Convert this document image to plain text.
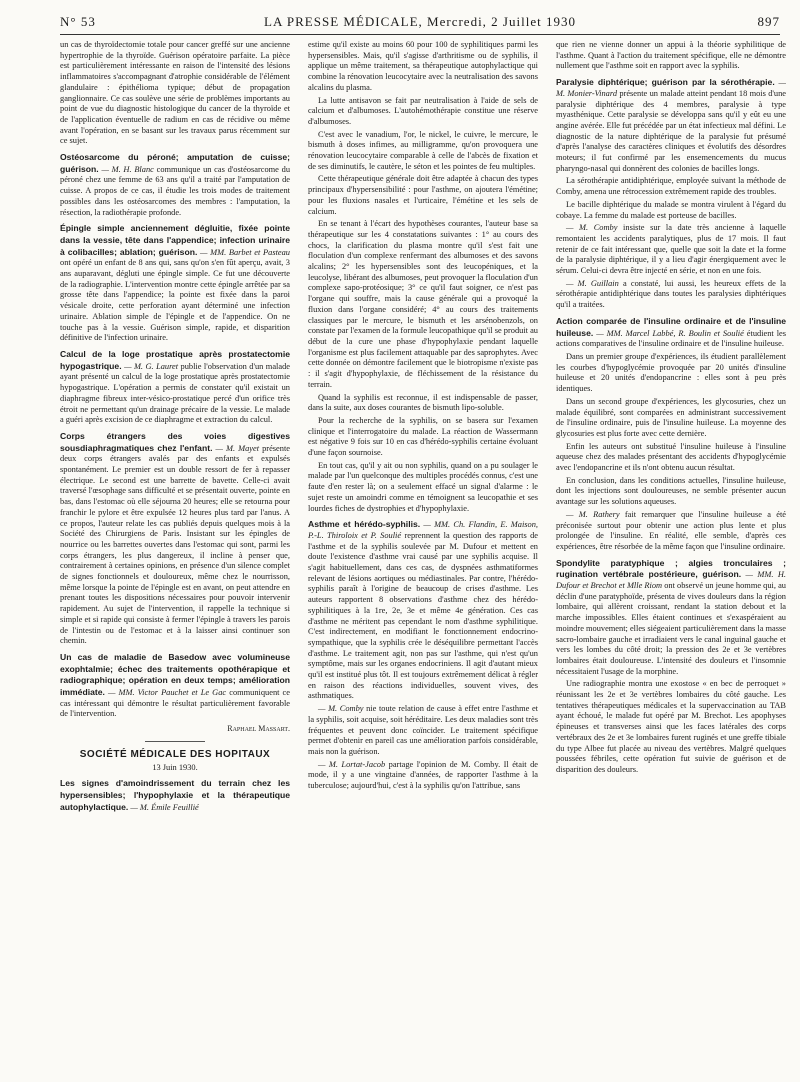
N° 53	LA PRESSE MÉDICALE, Mercredi, 2 Juillet 1930	897

un cas de thyroïdectomie totale pour cancer greffé sur une ancienne hypertrophie de la thyroïde. Guérison opératoire parfaite. La pièce est particulièrement intéressante en raison de l'intensité des lésions inflammatoires s'accompagnant d'atrophie considérable de l'élément glandulaire : épithélioma typique; début de propagation ganglionnaire. Ce cas soulève une série de problèmes importants au point de vue du diagnostic histologique du cancer de la thyroïde et de l'application éventuelle de radium en cas de récidive ou même avant l'opération, en se basant sur les travaux parus récemment sur ce sujet.

Ostéosarcome du péroné; amputation de cuisse; guérison. — M. H. Blanc communique un cas d'ostéosarcome du péroné chez une femme de 63 ans qu'il a traité par l'amputation de cuisse. A propos de ce cas, il étudie les trois modes de traitement possibles dans les ostéosarcomes des membres : l'amputation, la résection, la radiothérapie profonde.

Épingle simple anciennement dégluitie, fixée pointe dans la vessie, tête dans l'appendice; infection urinaire à colibacilles; ablation; guérison. — MM. Barbet et Pasteau ont opéré un enfant de 8 ans qui, sans qu'on s'en fût aperçu, avait, 3 ans auparavant, dégluti une épingle simple. Ce fut une découverte de la radiographie. L'intervention montre cette épingle arrêtée par sa grosse tête dans l'appendice; la pointe est fixée dans la paroi vésicale droite, cette perforation ayant déterminé une infection urinaire. Ablation simple de l'épingle et de l'appendice. On ne touche pas à la vessie. Guérison simple, rapide, et disparition définitive de l'infection urinaire.

Calcul de la loge prostatique après prostatectomie hypogastrique. — M. G. Lauret publie l'observation d'un malade ayant présenté un calcul de la loge prostatique après prostatectomie hypogastrique. L'opération a permis de constater qu'il existait un diaphragme fibreux inter-vésico-prostatique percé d'un orifice très étroit ne permettant qu'un drainage précaire de la vessie. Le malade a guéri après excision de ce diaphragme et extraction du calcul.

Corps étrangers des voies digestives sousdiaphragmatiques chez l'enfant. — M. Mayet présente deux corps étrangers avalés par des enfants et expulsés spontanément. Le premier est un double ressort de fer à repasser électrique. Le second est une barrette de bavette. Celle-ci avait traversé l'œsophage sans difficulté et se présentait ouverte, pointe en bas, dans l'estomac où elle séjourna 20 heures; elle se retourna pour franchir le pylore et être expulsée 12 heures plus tard par l'anus. A ce propos, l'auteur relate les cas publiés depuis quelques mois à la Société des Chirurgiens de Paris. Insistant sur les épingles de nourrice ou les barrettes ouvertes dans l'estomac qui sont, parmi les corps étrangers, les plus dangereux, il incline à penser que, contrairement à certaines opinions, en présence d'un silence complet de signes fonctionnels et douloureux, même chez le nourrisson, même lorsque la pointe de l'épingle est en avant, on peut attendre en prenant toutes les dispositions nécessaires pour pouvoir intervenir rapidement. Au sujet de l'intervention, il rappelle la technique si simple et si rapide qui consiste à fermer l'épingle à travers les parois de l'intestin ou de l'estomac et à la laisser ainsi continuer son chemin.

Un cas de maladie de Basedow avec volumineuse exophtalmie; échec des traitements opothérapique et radiographique; opération en deux temps; amélioration immédiate. — MM. Victor Pauchet et Le Gac communiquent ce cas intéressant qui démontre le résultat particulièrement favorable de l'intervention.

Raphael Massart.
SOCIÉTÉ MÉDICALE DES HOPITAUX
13 Juin 1930.

Les signes d'amoindrissement du terrain chez les hypersensibles; l'hypophylaxie et la thérapeutique autophylactique. — M. Émile Feuillié

estime qu'il existe au moins 60 pour 100 de syphilitiques parmi les hypersensibles. Mais, qu'il s'agisse d'arthritisme ou de syphilis, il applique un même traitement, sa thérapeutique autophylactique qui combine la rénovation leucocytaire avec la neutralisation des savons alcalins du plasma.

La lutte antisavon se fait par neutralisation à l'aide de sels de calcium et d'albumoses. L'autohémothérapie constitue une réserve d'albumoses.

C'est avec le vanadium, l'or, le nickel, le cuivre, le mercure, le bismuth à doses infimes, au milligramme, qu'on provoquera une rénovation leucocytaire comparable à celle de l'abcès de fixation et de ses diminutifs, le cautère, le séton et les pointes de feu multiples.

Cette thérapeutique générale doit être adaptée à chacun des types principaux d'hypersensibilité : pour l'asthme, on ajoutera l'émétine; pour les fluxions nasales et l'urticaire, l'émétine et les sels de calcium.

En se tenant à l'écart des hypothèses courantes, l'auteur base sa thérapeutique sur les 4 constatations suivantes : 1° au cours des chocs, la clarification du plasma montre qu'il s'est fait une floculation d'un complexe renfermant des albumoses et des savons alcalins; 2° les hypersensibles sont des leucopéniques, et la leucolyse, libérant des albumoses, peut provoquer la floculation d'un complexe sapo-protéosique; 3° ce qu'il faut soigner, ce n'est pas l'organe qui souffre, mais la cause générale qui a provoqué la fluxion dans l'organe considéré; 4° au cours des traitements classiques par le mercure, le bismuth et les arsénobenzols, on constate par l'examen de la formule leucopathique qu'il se produit au début de la cure une phase d'hypophylaxie pendant laquelle l'organisme est plus facilement attaquable par des saprophytes. Avec cette donnée on démontre facilement que le biotropisme n'existe pas : il s'agit d'hypophylaxie, de fléchissement de la résistance du terrain.

Quand la syphilis est reconnue, il est indispensable de passer, dans la suite, aux doses courantes de bismuth lipo-soluble.

Pour la recherche de la syphilis, on se basera sur l'examen clinique et l'interrogatoire du malade. La réaction de Wassermann est négative 9 fois sur 10 en cas d'hérédo-syphilis certaine évoluant d'une façon sournoise.

En tout cas, qu'il y ait ou non syphilis, quand on a pu soulager le malade par l'un quelconque des multiples procédés connus, c'est une faute d'en rester là; on a seulement effacé un signal d'alarme : le sujet reste un amoindri comme en témoignent sa leucopathie et ses lourdes fiches de dystrophies et d'hypophylaxie.

Asthme et hérédo-syphilis. — MM. Ch. Flandin, E. Maison, P.-L. Thiroloix et P. Soulié reprennent la question des rapports de l'asthme et de la syphilis soulevée par M. Dufour et mettent en doute l'existence d'asthme vrai causé par une syphilis acquise. Il s'agit habituellement, dans ces cas, de dyspnées asthmatiformes relevant de lésions aortiques ou médiastinales. Par contre, l'hérédo-syphilis paraît à l'origine de beaucoup de crises d'asthme. Les auteurs rapportent 8 observations d'asthme chez des hérédo-syphilitiques à la 1re, 2e, 3e et même 4e génération. Ces cas d'asthme ne méritent pas cependant le nom d'asthme syphilitique. C'est indirectement, en modifiant le fonctionnement endocrino-sympathique, que la syphilis crée le déséquilibre permettant l'accès d'asthme. Le traitement agit, non pas sur l'asthme, qui n'est qu'un symptôme, mais sur les organes endocriniens. Il agit d'autant mieux qu'il est institué plus tôt. Il est toujours extrêmement délicat à régler en raison des réactions individuelles, souvent vives, des asthmatiques.

— M. Comby nie toute relation de cause à effet entre l'asthme et la syphilis, soit acquise, soit héréditaire. Les deux maladies sont très fréquentes et peuvent donc coïncider. Le traitement spécifique permet d'obtenir en pareil cas une amélioration parfois considérable, mais non la guérison.

— M. Lortat-Jacob partage l'opinion de M. Comby. Il était de mode, il y a une vingtaine d'années, de rapporter l'asthme à la tuberculose; aujourd'hui, c'est à la syphilis qu'on l'attribue, sans

que rien ne vienne donner un appui à la théorie syphilitique de l'asthme. Quant à l'action du traitement spécifique, elle ne démontre nullement que l'asthme soit en rapport avec la syphilis.

Paralysie diphtérique; guérison par la sérothérapie. — M. Monier-Vinard présente un malade atteint pendant 18 mois d'une paralysie diphtérique des 4 membres, paralysie à type myasthénique. Cette paralysie se développa sans qu'il y eût eu une angine avérée. Elle fut précédée par un état infectieux mal défini. Le diagnostic de la nature diphtérique de la paralysie fut présumé d'après l'analyse des caractères cliniques et évolutifs des désordres moteurs; il fut confirmé par les ensemencements du mucus pharyngo-nasal qui donnèrent des colonies de bacilles longs.

La sérothérapie antidiphtérique, employée suivant la méthode de Comby, amena une rétrocession extrêmement rapide des troubles.

Le bacille diphtérique du malade se montra virulent à l'égard du cobaye. La femme du malade est porteuse de bacilles.

— M. Comby insiste sur la date très ancienne à laquelle remontaient les accidents paralytiques, plus de 17 mois. Il faut retenir de ce fait intéressant que, quelle que soit la date et la forme de la paralysie diphtérique, il y a lieu d'agir énergiquement avec le sérum. Celui-ci devra être injecté en série, et non en une fois.

— M. Guillain a constaté, lui aussi, les heureux effets de la sérothérapie antidiphtérique dans toutes les paralysies diphtériques qu'il a traitées.

Action comparée de l'insuline ordinaire et de l'insuline huileuse. — MM. Marcel Labbé, R. Boulin et Soulié étudient les actions comparatives de l'insuline ordinaire et de l'insuline huileuse.

Dans un premier groupe d'expériences, ils étudient parallèlement les courbes d'hypoglycémie provoquée par 20 unités d'insuline huileuse et 20 unités d'endopancrine : elles sont à peu près identiques.

Dans un second groupe d'expériences, les glycosuries, chez un malade équilibré, sont comparées en administrant successivement de l'insuline ordinaire, puis de l'insuline huileuse. La moyenne des glycosuries est plus forte avec cette dernière.

Enfin les auteurs ont substitué l'insuline huileuse à l'insuline aqueuse chez des malades présentant des accidents d'hypoglycémie avec l'endopancrine et ils n'ont obtenu aucun résultat.

En conclusion, dans les conditions actuelles, l'insuline huileuse, dont les injections sont douloureuses, ne semble présenter aucun avantage sur les solutions aqueuses.

— M. Rathery fait remarquer que l'insuline huileuse a été préconisée surtout pour obtenir une action plus lente et plus prolongée de l'insuline. En réalité, elle semble, d'après ces expériences, être résorbée de la même façon que l'insuline ordinaire.

Spondylite paratyphique ; algies tronculaires ; rugination vertébrale postérieure, guérison. — MM. H. Dufour et Brechot et Mlle Riom ont observé un jeune homme qui, au déclin d'une paratyphoïde, présenta de vives douleurs dans la région lombaire, qui allèrent croissant, rendant la station debout et la marche impossibles. Elles étaient continues et s'exaspéraient au moindre mouvement; elles siégeaient particulièrement dans la masse sacro-lombaire gauche et irradiaient vers le canal inguinal gauche et vers les lombes du côté droit; la pression des 2e et 3e vertèbres lombaires était douloureuse. L'intensité des douleurs et l'insomnie nécessitaient l'usage de la morphine.

Une radiographie montra une exostose « en bec de perroquet » réunissant les 2e et 3e vertèbres lombaires du côté gauche. Les tentatives thérapeutiques médicales et la supervaccination au TAB ayant échoué, le malade fut opéré par M. Brechot. Les apophyses épineuses et transverses ainsi que les faces latérales des corps vertébraux des 2e et 3e lombaires furent ruginés et une greffe tibiale du type Albee fut placée au niveau des vertèbres. Malgré quelques poussées fébriles, cette opération fut suivie de guérison et de disparition des douleurs.
